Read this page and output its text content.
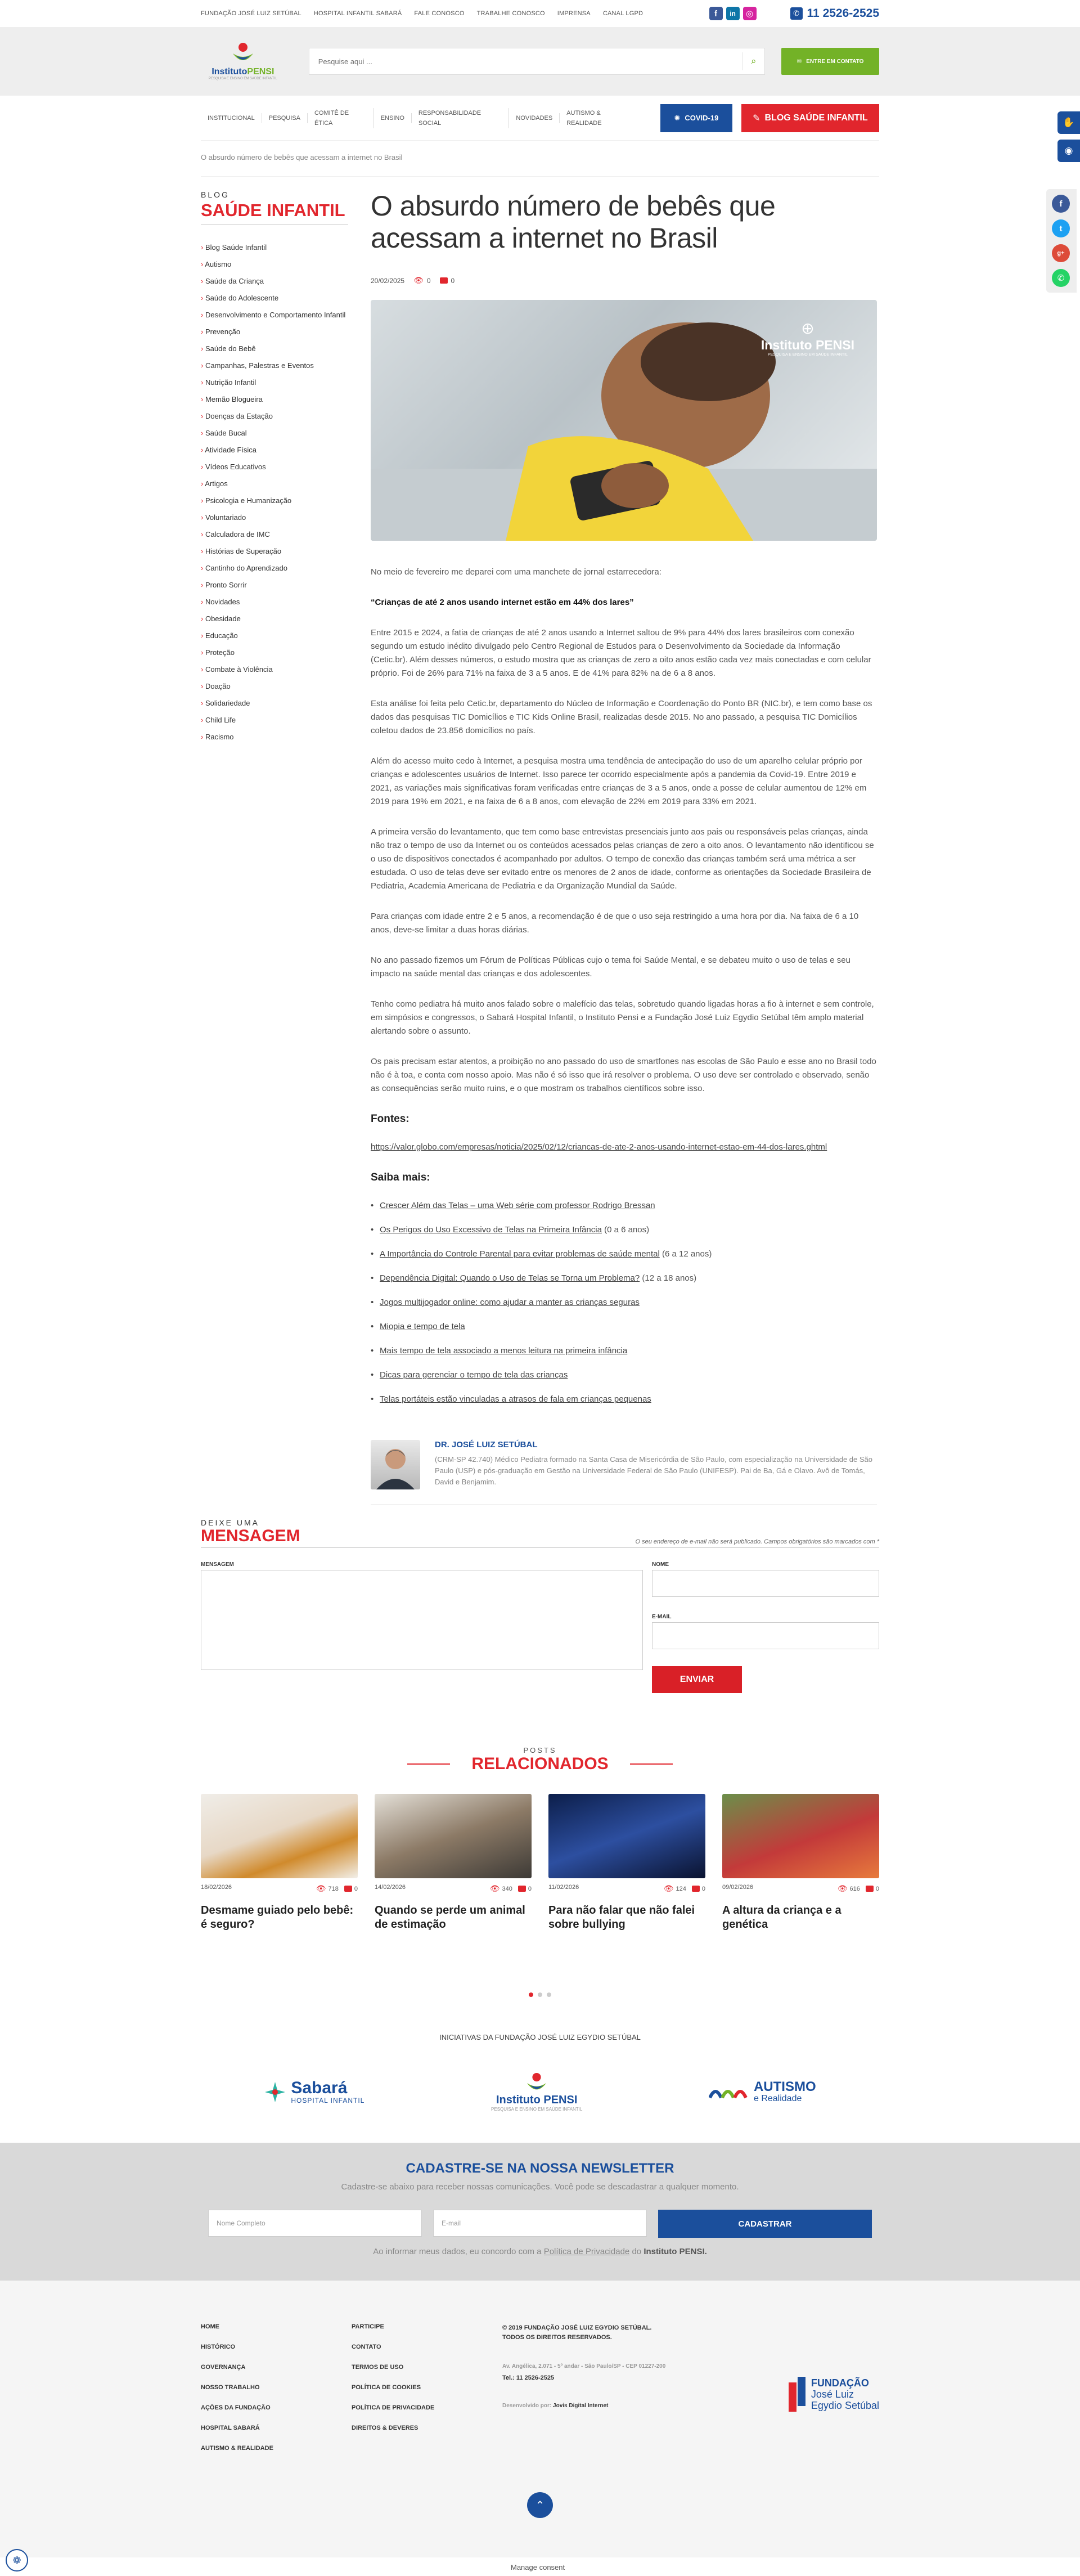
FUNDAÇÃO JOSÉ LUIZ SETÚBAL HOSPITAL INFANTIL SABARÁ FALE CONOSCO TRABALHE CONOSCO IMPRENSA CANAL LGPD	f	in	◎	✆ 11 2526-2525
InstitutoPENSI
PESQUISA E ENSINO EM SAÚDE INFANTIL
Pesquise aqui ...
⌕	✉ ENTRE EM CONTATO
INSTITUCIONAL	PESQUISA
COMITÊ DE ÉTICA
ENSINO
RESPONSABILIDADE SOCIAL
NOVIDADES
AUTISMO & REALIDADE
✺ COVID-19	✎ BLOG SAÚDE INFANTIL
O absurdo número de bebês que acessam a internet no Brasil
BLOG
SAÚDE INFANTIL
› Blog Saúde Infantil
› Autismo
› Saúde da Criança
› Saúde do Adolescente
› Desenvolvimento e Comportamento Infantil
› Prevenção
› Saúde do Bebê
› Campanhas, Palestras e Eventos
› Nutrição Infantil
› Memão Blogueira
› Doenças da Estação
› Saúde Bucal
› Atividade Física
› Vídeos Educativos
› Artigos
› Psicologia e Humanização
› Voluntariado
› Calculadora de IMC
› Histórias de Superação
› Cantinho do Aprendizado
› Pronto Sorrir
› Novidades
› Obesidade
› Educação
› Proteção
› Combate à Violência
› Doação
› Solidariedade
› Child Life
› Racismo
O absurdo número de bebês que acessam a internet no Brasil
20/02/2025 👁 0	0
⊕
Instituto PENSI
PESQUISA E ENSINO EM SAÚDE INFANTIL

No meio de fevereiro me deparei com uma manchete de jornal estarrecedora:

“Crianças de até 2 anos usando internet estão em 44% dos lares”

Entre 2015 e 2024, a fatia de crianças de até 2 anos usando a Internet saltou de 9% para 44% dos lares brasileiros com conexão segundo um estudo inédito divulgado pelo Centro Regional de Estudos para o Desenvolvimento da Sociedade da Informação (Cetic.br). Além desses números, o estudo mostra que as crianças de zero a oito anos estão cada vez mais conectadas e com celular próprio. Foi de 26% para 71% na faixa de 3 a 5 anos. E de 41% para 82% na de 6 a 8 anos.

Esta análise foi feita pelo Cetic.br, departamento do Núcleo de Informação e Coordenação do Ponto BR (NIC.br), e tem como base os dados das pesquisas TIC Domicílios e TIC Kids Online Brasil, realizadas desde 2015. No ano passado, a pesquisa TIC Domicílios coletou dados de 23.856 domicílios no país.

Além do acesso muito cedo à Internet, a pesquisa mostra uma tendência de antecipação do uso de um aparelho celular próprio por crianças e adolescentes usuários de Internet. Isso parece ter ocorrido especialmente após a pandemia da Covid-19. Entre 2019 e 2021, as variações mais significativas foram verificadas entre crianças de 3 a 5 anos, onde a posse de celular aumentou de 12% em 2019 para 19% em 2021, e na faixa de 6 a 8 anos, com elevação de 22% em 2019 para 33% em 2021.

A primeira versão do levantamento, que tem como base entrevistas presenciais junto aos pais ou responsáveis pelas crianças, ainda não traz o tempo de uso da Internet ou os conteúdos acessados pelas crianças de zero a oito anos. O levantamento não identificou se o uso de dispositivos conectados é acompanhado por adultos. O tempo de conexão das crianças também será uma métrica a ser estudada. O uso de telas deve ser evitado entre os menores de 2 anos de idade, conforme as orientações da Sociedade Brasileira de Pediatria, Academia Americana de Pediatria e da Organização Mundial da Saúde.

Para crianças com idade entre 2 e 5 anos, a recomendação é de que o uso seja restringido a uma hora por dia. Na faixa de 6 a 10 anos, deve-se limitar a duas horas diárias.

No ano passado fizemos um Fórum de Políticas Públicas cujo o tema foi Saúde Mental, e se debateu muito o uso de telas e seu impacto na saúde mental das crianças e dos adolescentes.

Tenho como pediatra há muito anos falado sobre o malefício das telas, sobretudo quando ligadas horas a fio à internet e sem controle, em simpósios e congressos, o Sabará Hospital Infantil, o Instituto Pensi e a Fundação José Luiz Egydio Setúbal têm amplo material alertando sobre o assunto.

Os pais precisam estar atentos, a proibição no ano passado do uso de smartfones nas escolas de São Paulo e esse ano no Brasil todo não é à toa, e conta com nosso apoio. Mas não é só isso que irá resolver o problema. O uso deve ser controlado e observado, senão as consequências serão muito ruins, e o que mostram os trabalhos científicos sobre isso.

Fontes:

https://valor.globo.com/empresas/noticia/2025/02/12/criancas-de-ate-2-anos-usando-internet-estao-em-44-dos-lares.ghtml

Saiba mais:
• Crescer Além das Telas – uma Web série com professor Rodrigo Bressan
• Os Perigos do Uso Excessivo de Telas na Primeira Infância (0 a 6 anos)
• A Importância do Controle Parental para evitar problemas de saúde mental (6 a 12 anos)
• Dependência Digital: Quando o Uso de Telas se Torna um Problema? (12 a 18 anos)
• Jogos multijogador online: como ajudar a manter as crianças seguras
• Miopia e tempo de tela
• Mais tempo de tela associado a menos leitura na primeira infância
• Dicas para gerenciar o tempo de tela das crianças
• Telas portáteis estão vinculadas a atrasos de fala em crianças pequenas
DR. JOSÉ LUIZ SETÚBAL
(CRM-SP 42.740) Médico Pediatra formado na Santa Casa de Misericórdia de São Paulo, com especialização na Universidade de São Paulo (USP) e pós-graduação em Gestão na Universidade Federal de São Paulo (UNIFESP). Pai de Ba, Gá e Olavo. Avô de Tomás, David e Benjamim.
DEIXE UMA
MENSAGEM	O seu endereço de e-mail não será publicado. Campos obrigatórios são marcados com *
MENSAGEM	NOME
E-MAIL
ENVIAR
POSTS
RELACIONADOS
18/02/2026	👁 718	0
Desmame guiado pelo bebê: é seguro?
14/02/2026	👁 340	0
Quando se perde um animal de estimação
11/02/2026	👁 124	0
Para não falar que não falei sobre bullying
09/02/2026	👁 616	0
A altura da criança e a genética
INICIATIVAS DA FUNDAÇÃO JOSÉ LUIZ EGYDIO SETÚBAL
Sabará
HOSPITAL INFANTIL	Instituto PENSI
PESQUISA E ENSINO EM SAÚDE INFANTIL
AUTISMO
e Realidade
CADASTRE-SE NA NOSSA NEWSLETTER
Cadastre-se abaixo para receber nossas comunicações. Você pode se descadastrar a qualquer momento.
Nome Completo	E-mail	CADASTRAR
Ao informar meus dados, eu concordo com a Política de Privacidade do Instituto PENSI.
HOME
HISTÓRICO
GOVERNANÇA
NOSSO TRABALHO
AÇÕES DA FUNDAÇÃO
HOSPITAL SABARÁ
AUTISMO & REALIDADE
PARTICIPE
CONTATO
TERMOS DE USO
POLÍTICA DE COOKIES
POLÍTICA DE PRIVACIDADE
DIREITOS & DEVERES
© 2019 FUNDAÇÃO JOSÉ LUIZ EGYDIO SETÚBAL.
TODOS OS DIREITOS RESERVADOS.
Av. Angélica, 2.071 - 5º andar - São Paulo/SP - CEP 01227-200
Tel.: 11 2526-2525
Desenvolvido por: Jovis Digital Internet
FUNDAÇÃO
José Luiz
Egydio Setúbal
⌃
Manage consent
❁
✋
◉
f
t
g+
✆
